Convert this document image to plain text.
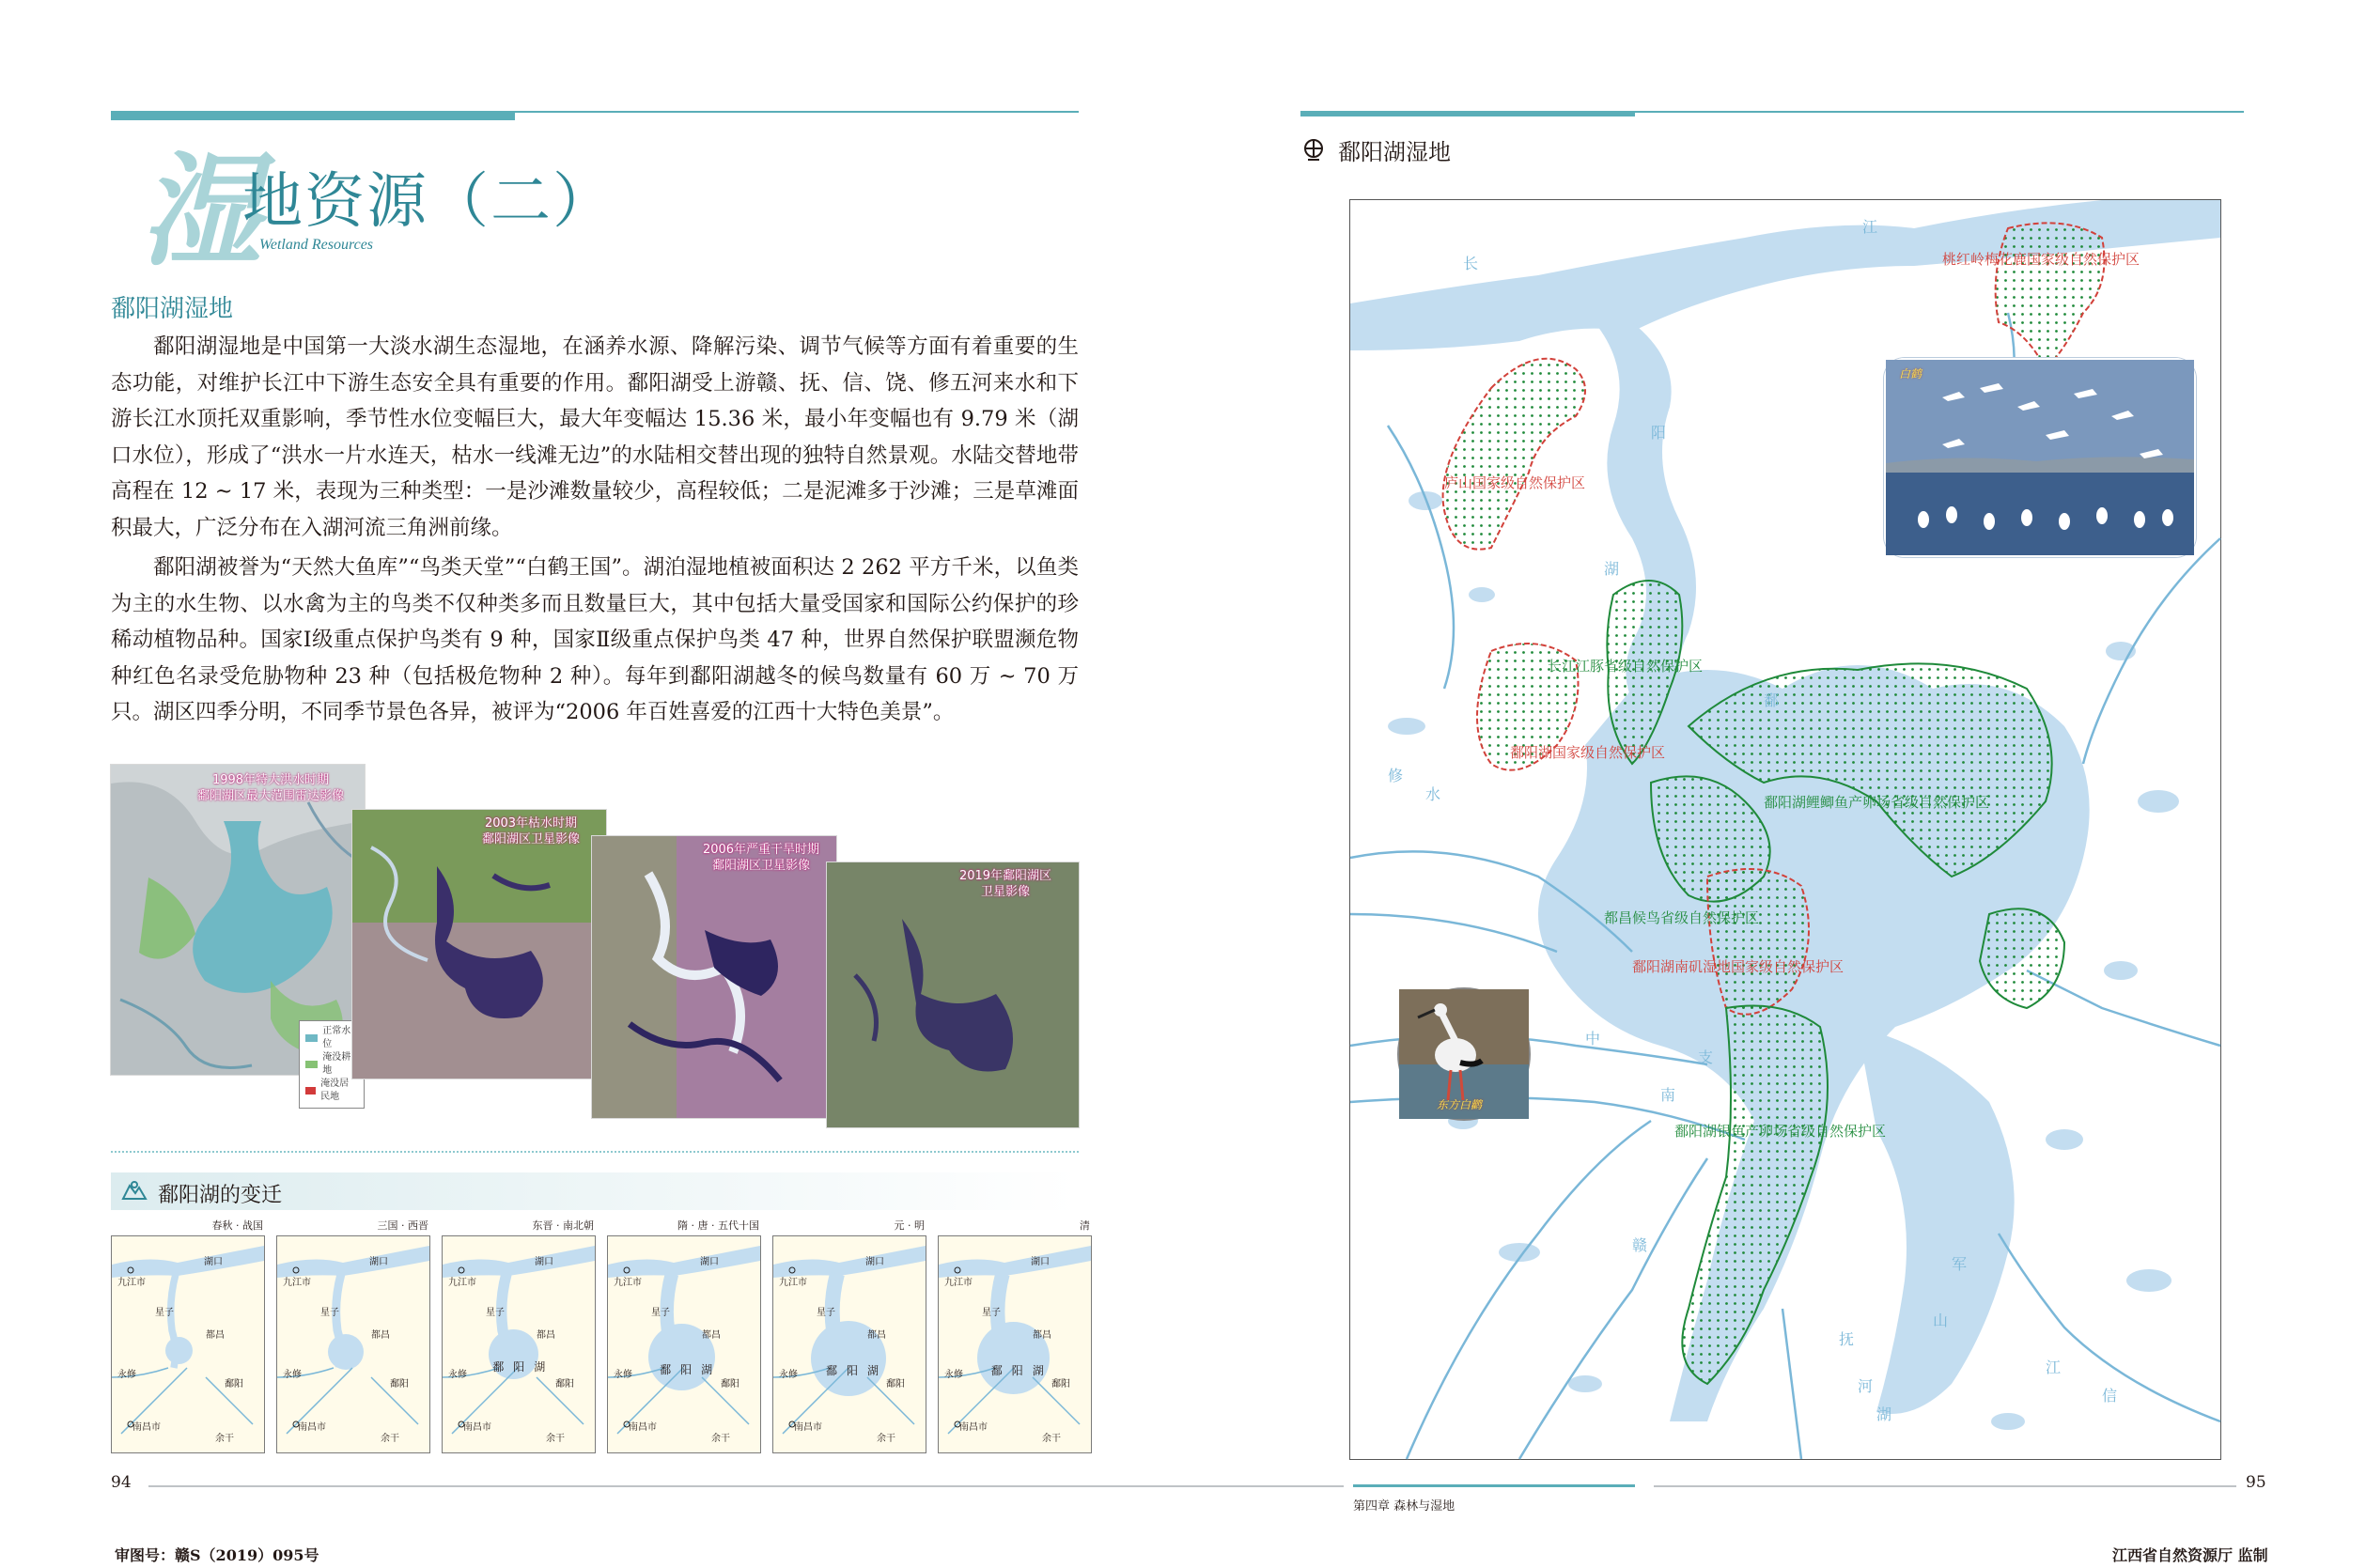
湿
地资源（二）
Wetland Resources
鄱阳湖湿地
鄱阳湖湿地是中国第一大淡水湖生态湿地，在涵养水源、降解污染、调节气候等方面有着重要的生态功能，对维护长江中下游生态安全具有重要的作用。鄱阳湖受上游赣、抚、信、饶、修五河来水和下游长江水顶托双重影响，季节性水位变幅巨大，最大年变幅达 15.36 米，最小年变幅也有 9.79 米（湖口水位），形成了“洪水一片水连天，枯水一线滩无边”的水陆相交替出现的独特自然景观。水陆交替地带高程在 12 ~ 17 米，表现为三种类型：一是沙滩数量较少，高程较低；二是泥滩多于沙滩；三是草滩面积最大，广泛分布在入湖河流三角洲前缘。
鄱阳湖被誉为“天然大鱼库”“鸟类天堂”“白鹤王国”。湖泊湿地植被面积达 2 262 平方千米，以鱼类为主的水生物、以水禽为主的鸟类不仅种类多而且数量巨大，其中包括大量受国家和国际公约保护的珍稀动植物品种。国家Ⅰ级重点保护鸟类有 9 种，国家Ⅱ级重点保护鸟类 47 种，世界自然保护联盟濒危物种红色名录受危胁物种 23 种（包括极危物种 2 种）。每年到鄱阳湖越冬的候鸟数量有 60 万 ~ 70 万只。湖区四季分明，不同季节景色各异，被评为“2006 年百姓喜爱的江西十大特色美景”。
1998年特大洪水时期
鄱阳湖区最大范围雷达影像
正常水位
淹没耕地
淹没居民地
2003年枯水时期
鄱阳湖区卫星影像
2006年严重干旱时期
鄱阳湖区卫星影像
2019年鄱阳湖区
卫星影像
鄱阳湖的变迁
春秋 · 战国
湖口
九江市
星子
都昌
永修
鄱阳
南昌市
余干
三国 · 西晋
湖口
九江市
星子
都昌
永修
鄱阳
南昌市
余干
东晋 · 南北朝
湖口
九江市
星子
都昌
永修
鄱阳
南昌市
余干
鄱 阳 湖
隋 · 唐 · 五代十国
湖口
九江市
星子
都昌
永修
鄱阳
南昌市
余干
鄱 阳 湖
元 · 明
湖口
九江市
星子
都昌
永修
鄱阳
南昌市
余干
鄱 阳 湖
清
湖口
九江市
星子
都昌
永修
鄱阳
南昌市
余干
鄱 阳 湖
94
审图号：赣S（2019）095号
鄱阳湖湿地
长
江
阳
湖
鄱
赣
中
支
南
修
水
抚
河
信
江
湖
山
军
桃红岭梅花鹿国家级自然保护区
庐山国家级自然保护区
长江江豚省级自然保护区
鄱阳湖国家级自然保护区
鄱阳湖鲤鲫鱼产卵场省级自然保护区
都昌候鸟省级自然保护区
鄱阳湖南矶湿地国家级自然保护区
鄱阳湖银鱼产卵场省级自然保护区
白鹤
东方白鹳
第四章 森林与湿地
95
江西省自然资源厅 监制
